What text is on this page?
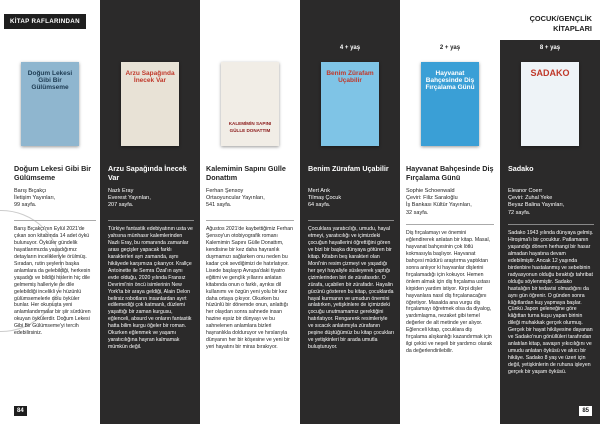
KİTAP RAFLARINDAN
Doğum Lekesi Gibi Bir Gülümseme
Doğum Lekesi Gibi Bir Gülümseme
Barış Bıçakçı
İletişim Yayınları,
99 sayfa.
Barış Bıçakçı'nın Eylül 2021'de çıkan son kitabında 14 adet öykü bulunuyor. Öyküler gündelik hayatlarımızda yaşadığımız detayların incelikleriyle örülmüş. Sıradan, rutin şeylerin başka anlamlara da gelebildiği, herkesin yaşadığı ve bildiği hislerin hiç dile gelmemiş halleriyle de dile gelebildiği incelikli ve hüzünlü gülümsemelerle dolu öyküler bunlar. Her okunuşta yeni anlamlandırmalar bir şiir sürdüren okuyan öykülerdir. Doğum Lekesi Gibi Bir Gülümseme'yi tercih edebilirsiniz.
84
Arzu Sapağında İnecek Var
Arzu Sapağında İnecek Var
Nazlı Eray
Everest Yayınları,
207 sayfa.
Türkiye fantastik edebiyatının usta ve yahsına münhasır kalemlerinden Nazlı Eray, bu romanında zamanlar arası geçişler yapacak farklı karakterleri ayrı zamanda, aynı hikâyede karşımıza çıkarıyor. Krallçe Antoinette ile Semra Özal'ın aynı evde olduğu, 2020 yılında Fransız Devrimi'nin öncü isimlerinin New York'ta bir araya geldiği, Alain Delon belirsiz robotların insanlardan ayırt edilemediği çok katmanlı, düzlemi yaşattığı bir zaman kurgusu, eğlenceli, absurd ve onların fantastik hatta bilim kurgu öğeler bir roman. Okurken eğlenmek ve yaşamı yaratıcılığına hayran kalmamak mümkün değil.
KALEMİMİN SAPINI GÜLLE DONATTIM
Kalemimin Sapını Gülle Donattım
Ferhan Şensoy
Ortaoyuncular Yayınları,
541 sayfa.
Ağustos 2021'de kaybettiğimiz Ferhan Şensoy'un otobiyografik romanı Kalemimin Sapını Gülle Donattım, kendisine bir kez daha hayranlık duymamızı sağlarken onu neden bu kadar çok sevdiğimizi de hatırlatıyor. Lisede başlayıp Avrupa'daki tiyatro eğitimi ve gençlik yıllarını anlatan kitabında onun o farklı, ayrıksı dil kullanımı ve özgün yeni yolu bir kez daha ortaya çıkıyor. Okurken bu hüzünlü bir dönemde onun, anlattığı her olaydan sonra sahnede insan hazine eşsiz bir dünyayı ve bu sahnelenen anlamlara bizleri hayranlıkla dolduruyor ve hırslarıyla dünyanın her bir köşesine ve yeni bir yeri hayatını bir miras bırakıyor.
4 + yaş
Benim Zürafam Uçabilir
Benim Zürafam Uçabilir
Mert Arık
Tilmaş Çocuk
64 sayfa.
Çocuklara yaratıcılığı, umudu, hayal etmeyi, yaratıcılığı ve içimizdeki çocuğun hayallerini öğrettiğini gören ve bizi bir başka dünyaya götüren bir kitap. Kitabın beş karakteri olan Moni'nin resim çizmeyi ve yaşadığı her şeyi hayaliyle süsleyerek yaptığı çizimlerinden biri de zürafasıdır. O zürafa, uçabilen bir zürafadır. Hayalin gücünü gösteren bu kitap, çocuklarda hayal kurmanın ve umudun önemini anlatırken, yetişkinlere de içimizdeki çocuğu unutmamamız gerektiğini hatırlatıyor. Rengarenk resimleriyle ve sıcacık anlatımıyla zürafanın peşine düştüğümüz bu kitap çocukları ve yetişkinleri bir arada umutla buluşturuyor.
2 + yaş
Hayvanat Bahçesinde Diş Fırçalama Günü
Hayvanat Bahçesinde Diş Fırçalama Günü
Sophie Schoenwald
Çeviri: Filiz Saraloğlu
İş Bankası Kültür Yayınları,
32 sayfa.
Diş fırçalamayı ve önemini eğlendirerek anlatan bir kitap. Masal, hayvanat bahçesinin çok lötlü kokmasıyla başlıyor. Hayvanat bahçesi müdürü araştırma yaptıktan sonra anlıyor ki hayvanlar dişlerini fırçalamadığı için kokuyor. Hemen önlem almak için diş fırçalama ustası kirpiden yardım istiyor. Kirpi dişler hayvanlara nasıl diş fırçalanacağını öğretiyor. Masalda ana vurgu diş fırçalamayı öğretmek olsa da diyalog, yardımlaşma, nezaket gibi temel değerler de alt metinde yer alıyor. Eğlenceli kitap, çocuklara diş fırçalama alışkanlığı kazandırmak için ilgi çekici ve neşeli bir yardımcı olarak da değerlendirilebilir.
8 + yaş
SADAKO
Sadako
Eleanor Coerr
Çeviri: Zuhal Yeke
Beyaz Balina Yayınları,
72 sayfa.
Sadako 1943 yılında dünyaya gelmiş. Hiroşima'lı bir çocuktur. Patlamanın yaşandığı dönem herhangi bir hasar almadan hayatına devam edebilmiştir. Ancak 12 yaşında birdenbire hastalanmış ve sebebinin radyasyonun olduğu bıraktığı tahribat olduğu söylenmiştir. Sadako hastalığın bir tedavisi olmadığını da aynı gün öğrenir. O günden sonra kâğıtlardan kuş yapmaya başlar. Çünkü Japon geleneğine göre kâğıttan turna kuşu yapan birinin dileği muhakkak gerçek olurmuş. Gerçek bir hayat hikâyesine dayanan ve Sadako'nun gönüllüleri tarafından anlatılan kitap, savaşın yıkıcılığını ve umudu anlatan öyküsü ve akıcı bir hikâye. Sadako 8 yaş ve üzeri için değil, yetişkinlerin de ruhuna işleyen gerçek bir yaşam öyküsü.
85
ÇOCUK/GENÇLİK
KİTAPLARI
